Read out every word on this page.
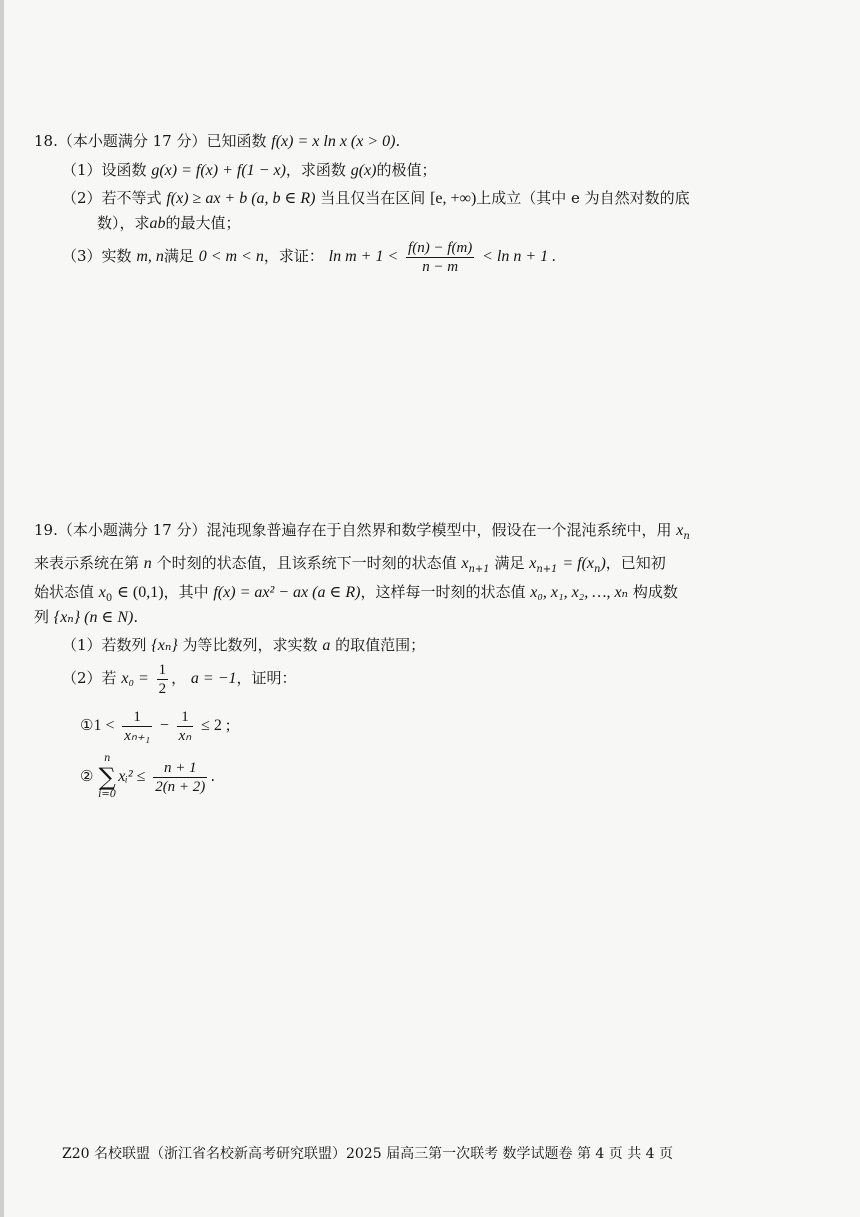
18.（本小题满分 17 分）已知函数 f(x) = x ln x (x > 0).
（1）设函数 g(x) = f(x) + f(1 − x)，求函数 g(x)的极值；
（2）若不等式 f(x) ≥ ax + b (a, b ∈ R) 当且仅当在区间 [e, +∞)上成立（其中 e 为自然对数的底
数），求ab的最大值；
（3）实数 m, n满足 0 < m < n，求证： $\ln m + 1 < \frac{f(n) - f(m)}{n - m} < \ln n + 1$ .
19.（本小题满分 17 分）混沌现象普遍存在于自然界和数学模型中，假设在一个混沌系统中，用 $x_n$
来表示系统在第 n 个时刻的状态值，且该系统下一时刻的状态值 $x_{n+1}$ 满足 $x_{n+1} = f(x_n)$，已知初
始状态值 $x_0$ ∈ (0,1)，其中 f(x) = ax² − ax (a ∈ R)，这样每一时刻的状态值 x₀, x₁, x₂, …, xₙ 构成数
列 {xₙ} (n ∈ N).
（1）若数列 {xₙ} 为等比数列，求实数 a 的取值范围；
（2）若 $x_0 = \frac{1}{2}$ ， a = −1，证明：
①1 < $\frac{1}{\text{xₙ₊₁}} - \frac{1}{\text{xₙ}} \le 2$ ;
②
n
∑
i=0
xᵢ² ≤ $\frac{n + 1}{2(n + 2)}$ .
Z20 名校联盟（浙江省名校新高考研究联盟）2025 届高三第一次联考 数学试题卷 第 4 页 共 4 页
